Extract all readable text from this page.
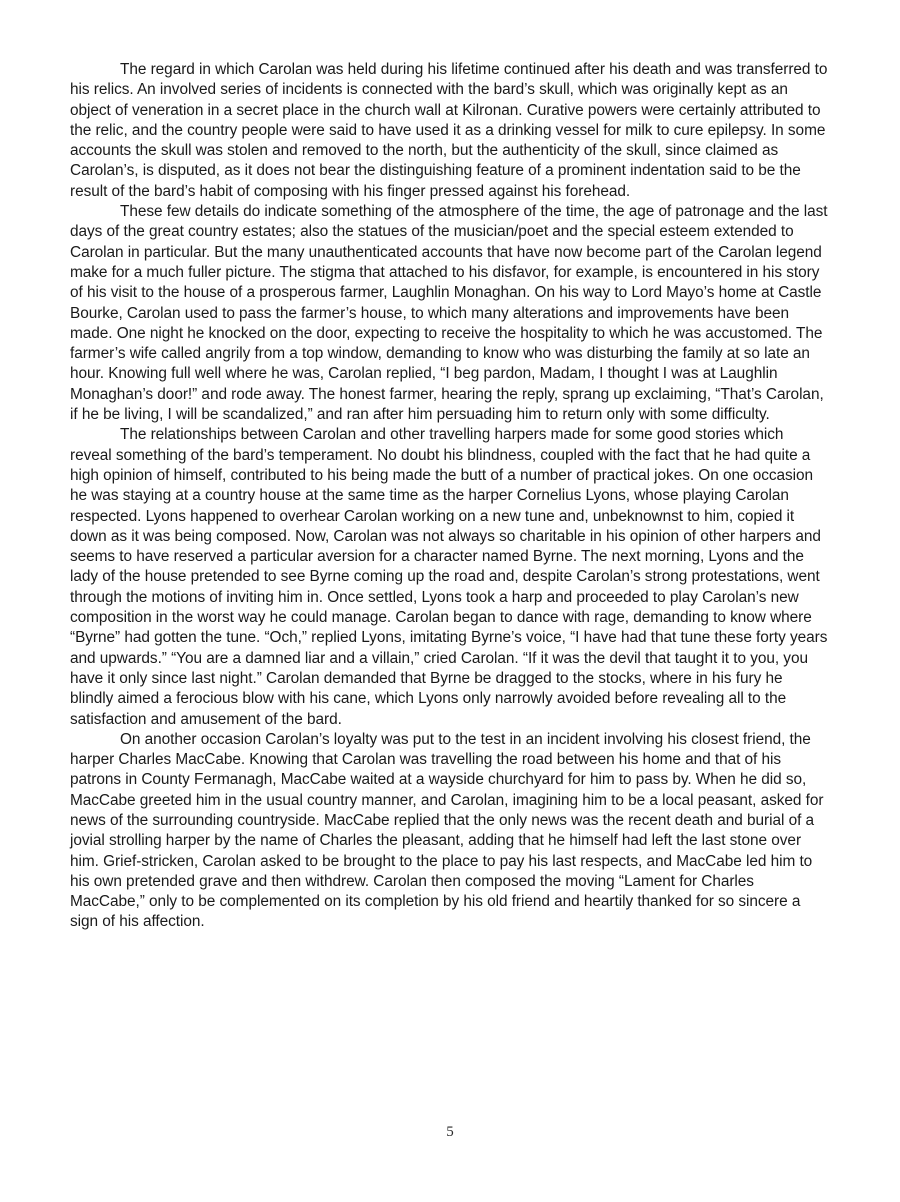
The regard in which Carolan was held during his lifetime continued after his death and was transferred to his relics. An involved series of incidents is connected with the bard’s skull, which was originally kept as an object of veneration in a secret place in the church wall at Kilronan. Curative powers were certainly attributed to the relic, and the country people were said to have used it as a drinking vessel for milk to cure epilepsy. In some accounts the skull was stolen and removed to the north, but the authenticity of the skull, since claimed as Carolan’s, is disputed, as it does not bear the distinguishing feature of a prominent indentation said to be the result of the bard’s habit of composing with his finger pressed against his forehead.

These few details do indicate something of the atmosphere of the time, the age of patronage and the last days of the great country estates; also the statues of the musician/poet and the special esteem extended to Carolan in particular. But the many unauthenticated accounts that have now become part of the Carolan legend make for a much fuller picture. The stigma that attached to his disfavor, for example, is encountered in his story of his visit to the house of a prosperous farmer, Laughlin Monaghan. On his way to Lord Mayo’s home at Castle Bourke, Carolan used to pass the farmer’s house, to which many alterations and improvements have been made. One night he knocked on the door, expecting to receive the hospitality to which he was accustomed. The farmer’s wife called angrily from a top window, demanding to know who was disturbing the family at so late an hour. Knowing full well where he was, Carolan replied, “I beg pardon, Madam, I thought I was at Laughlin Monaghan’s door!” and rode away. The honest farmer, hearing the reply, sprang up exclaiming, “That’s Carolan, if he be living, I will be scandalized,” and ran after him persuading him to return only with some difficulty.

The relationships between Carolan and other travelling harpers made for some good stories which reveal something of the bard’s temperament. No doubt his blindness, coupled with the fact that he had quite a high opinion of himself, contributed to his being made the butt of a number of practical jokes. On one occasion he was staying at a country house at the same time as the harper Cornelius Lyons, whose playing Carolan respected. Lyons happened to overhear Carolan working on a new tune and, unbeknownst to him, copied it down as it was being composed. Now, Carolan was not always so charitable in his opinion of other harpers and seems to have reserved a particular aversion for a character named Byrne. The next morning, Lyons and the lady of the house pretended to see Byrne coming up the road and, despite Carolan’s strong protestations, went through the motions of inviting him in. Once settled, Lyons took a harp and proceeded to play Carolan’s new composition in the worst way he could manage. Carolan began to dance with rage, demanding to know where “Byrne” had gotten the tune. “Och,” replied Lyons, imitating Byrne’s voice, “I have had that tune these forty years and upwards.” “You are a damned liar and a villain,” cried Carolan. “If it was the devil that taught it to you, you have it only since last night.” Carolan demanded that Byrne be dragged to the stocks, where in his fury he blindly aimed a ferocious blow with his cane, which Lyons only narrowly avoided before revealing all to the satisfaction and amusement of the bard.

On another occasion Carolan’s loyalty was put to the test in an incident involving his closest friend, the harper Charles MacCabe. Knowing that Carolan was travelling the road between his home and that of his patrons in County Fermanagh, MacCabe waited at a wayside churchyard for him to pass by. When he did so, MacCabe greeted him in the usual country manner, and Carolan, imagining him to be a local peasant, asked for news of the surrounding countryside. MacCabe replied that the only news was the recent death and burial of a jovial strolling harper by the name of Charles the pleasant, adding that he himself had left the last stone over him. Grief-stricken, Carolan asked to be brought to the place to pay his last respects, and MacCabe led him to his own pretended grave and then withdrew. Carolan then composed the moving “Lament for Charles MacCabe,” only to be complemented on its completion by his old friend and heartily thanked for so sincere a sign of his affection.

5
